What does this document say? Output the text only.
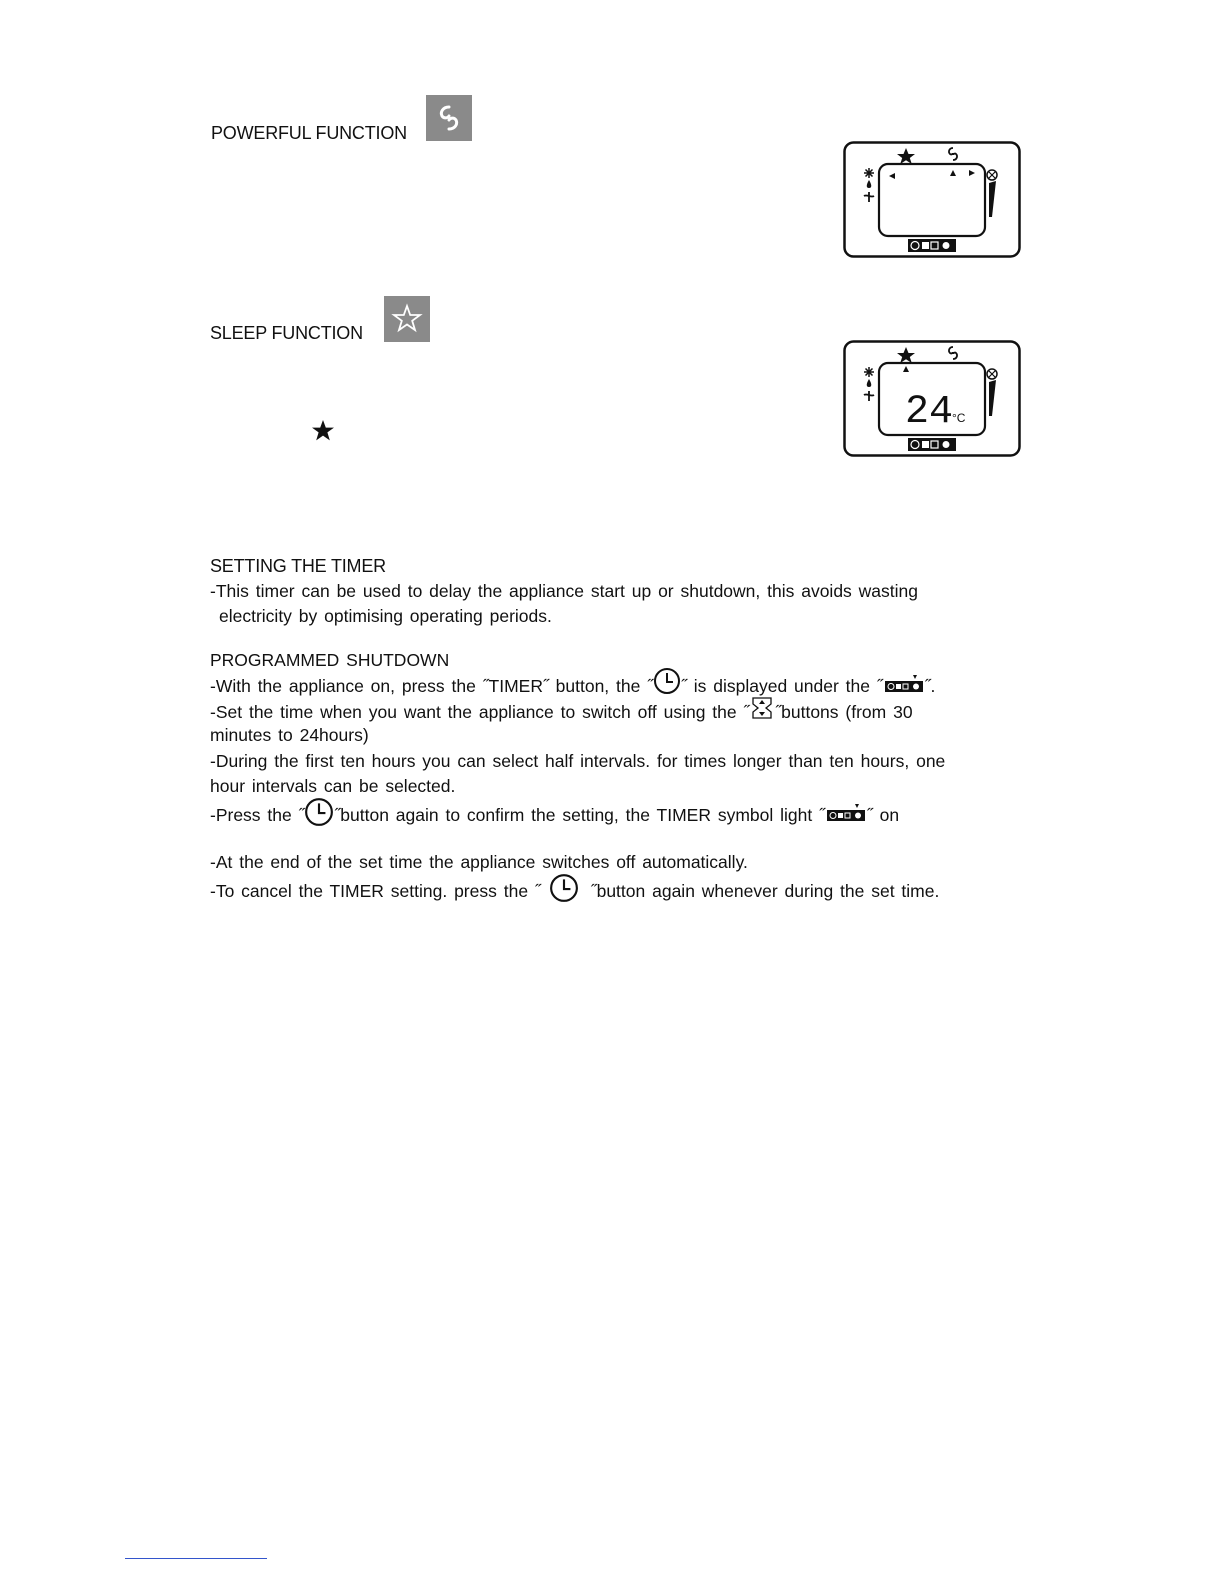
POWERFUL FUNCTION
SLEEP FUNCTION
24
°C
SETTING THE TIMER
-This timer can be used to delay the appliance start up or shutdown, this avoids wasting
electricity by optimising operating periods.
PROGRAMMED SHUTDOWN
-With the appliance on, press the ˝TIMER˝ button, the ˝ ˝ is displayed under the ˝ ˝.
-Set the time when you want the appliance to switch off using the ˝ ˝buttons (from 30
minutes to 24hours)
-During the first ten hours you can select half intervals. for times longer than ten hours, one
hour intervals can be selected.
-Press the ˝ ˝button again to confirm the setting, the TIMER symbol light ˝ ˝ on
-At the end of the set time the appliance switches off automatically.
-To cancel the TIMER setting. press the ˝	˝button again whenever during the set time.
